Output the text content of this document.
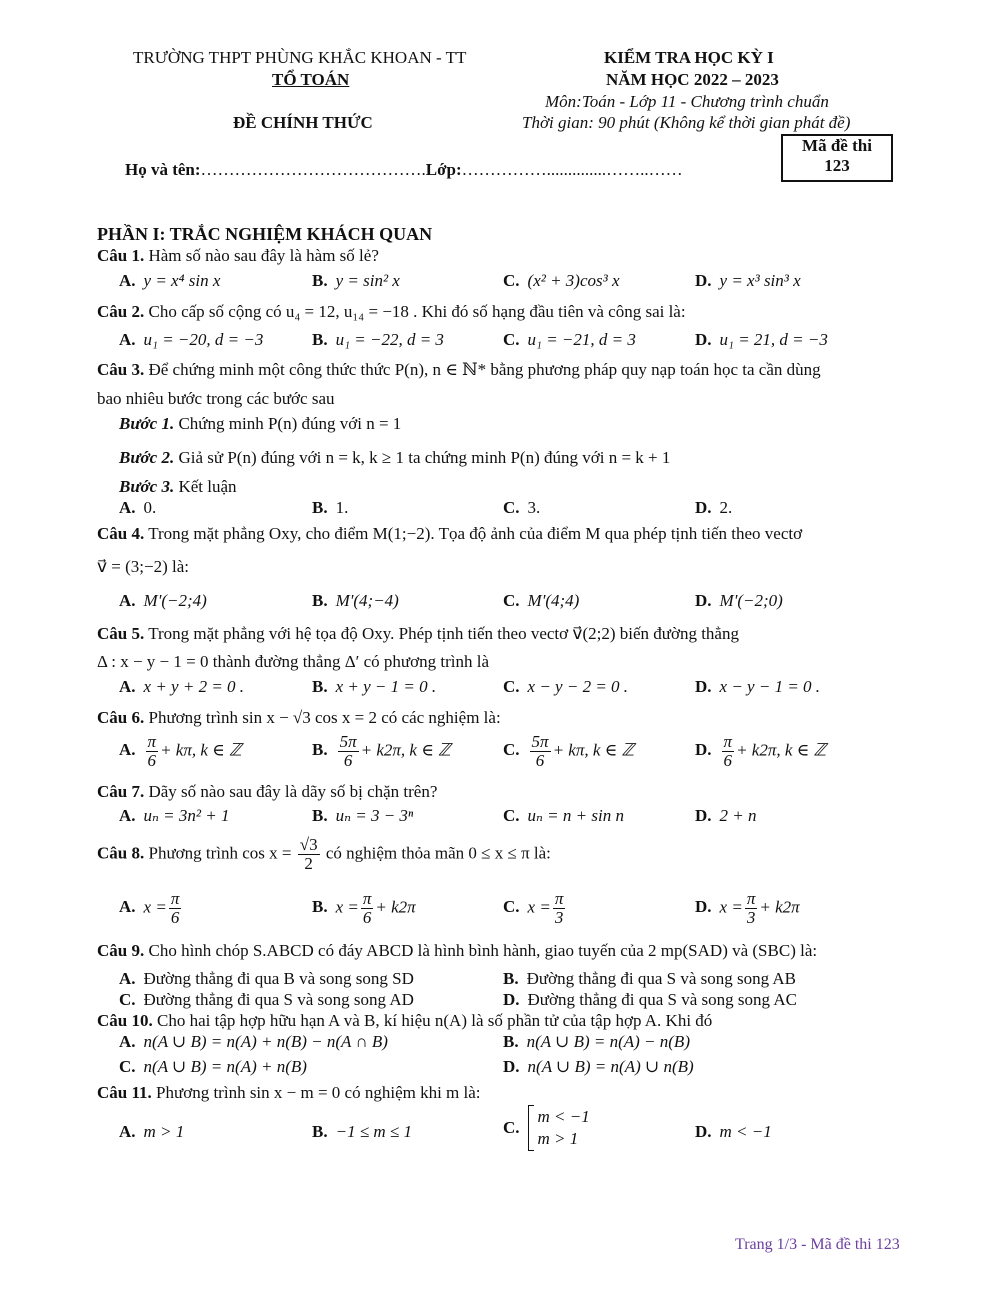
TRƯỜNG THPT PHÙNG KHẮC KHOAN - TT
TỔ TOÁN
ĐỀ CHÍNH THỨC
KIỂM TRA HỌC KỲ I
NĂM HỌC 2022 – 2023
Môn:Toán - Lớp 11 - Chương trình chuẩn
Thời gian: 90 phút (Không kể thời gian phát đề)
Mã đề thi
123
Họ và tên:………………………………….Lớp:……………..............……..……
PHẦN I: TRẮC NGHIỆM KHÁCH QUAN
Câu 1. Hàm số nào sau đây là hàm số lẻ?
A. y = x⁴ sin x	B. y = sin² x	C. (x² + 3)cos³ x	D. y = x³ sin³ x
Câu 2. Cho cấp số cộng có u₄ = 12, u₁₄ = −18 . Khi đó số hạng đầu tiên và công sai là:
A. u₁ = −20, d = −3	B. u₁ = −22, d = 3	C. u₁ = −21, d = 3	D. u₁ = 21, d = −3
Câu 3. Để chứng minh một công thức thức P(n), n ∈ ℕ* bằng phương pháp quy nạp toán học ta cần dùng
bao nhiêu bước trong các bước sau
Bước 1. Chứng minh P(n) đúng với n = 1
Bước 2. Giả sử P(n) đúng với n = k, k ≥ 1 ta chứng minh P(n) đúng với n = k + 1
Bước 3. Kết luận
A. 0.	B. 1.	C. 3.	D. 2.
Câu 4. Trong mặt phẳng Oxy, cho điểm M(1;−2). Tọa độ ảnh của điểm M qua phép tịnh tiến theo vectơ
v⃗ = (3;−2) là:
A. M'(−2;4)	B. M'(4;−4)	C. M'(4;4)	D. M'(−2;0)
Câu 5. Trong mặt phẳng với hệ tọa độ Oxy. Phép tịnh tiến theo vectơ v⃗(2;2) biến đường thẳng
Δ : x − y − 1 = 0 thành đường thẳng Δ′ có phương trình là
A. x + y + 2 = 0 .	B. x + y − 1 = 0 .	C. x − y − 2 = 0 .	D. x − y − 1 = 0 .
Câu 6. Phương trình sin x − √3 cos x = 2 có các nghiệm là:
A. $\frac{\pi}{6} + k\pi$, k ∈ ℤ	B. $\frac{5\pi}{6} + k2\pi$, k ∈ ℤ	C. $\frac{5\pi}{6} + k\pi$, k ∈ ℤ	D. $\frac{\pi}{6} + k2\pi$, k ∈ ℤ
Câu 7. Dãy số nào sau đây là dãy số bị chặn trên?
A. uₙ = 3n² + 1	B. uₙ = 3 − 3ⁿ	C. uₙ = n + sin n	D. 2 + n
Câu 8. Phương trình $\cos x = \frac{√3}{2}$ có nghiệm thỏa mãn 0 ≤ x ≤ π là:
A. $x = \frac{\pi}{6}$	B. $x = \frac{\pi}{6} + k2\pi$	C. $x = \frac{\pi}{3}$	D. $x = \frac{\pi}{3} + k2\pi$
Câu 9. Cho hình chóp S.ABCD có đáy ABCD là hình bình hành, giao tuyến của 2 mp(SAD) và (SBC) là:
A. Đường thẳng đi qua B và song song SD	B. Đường thẳng đi qua S và song song AB
C. Đường thẳng đi qua S và song song AD	D. Đường thẳng đi qua S và song song AC
Câu 10. Cho hai tập hợp hữu hạn A và B, kí hiệu n(A) là số phần tử của tập hợp A. Khi đó
A. n(A ∪ B) = n(A) + n(B) − n(A ∩ B)	B. n(A ∪ B) = n(A) − n(B)
C. n(A ∪ B) = n(A) + n(B)	D. n(A ∪ B) = n(A) ∪ n(B)
Câu 11. Phương trình sin x − m = 0 có nghiệm khi m là:
A. m > 1	B. −1 ≤ m ≤ 1	C.
m < −1
m > 1	D. m < −1
Trang 1/3 - Mã đề thi 123
